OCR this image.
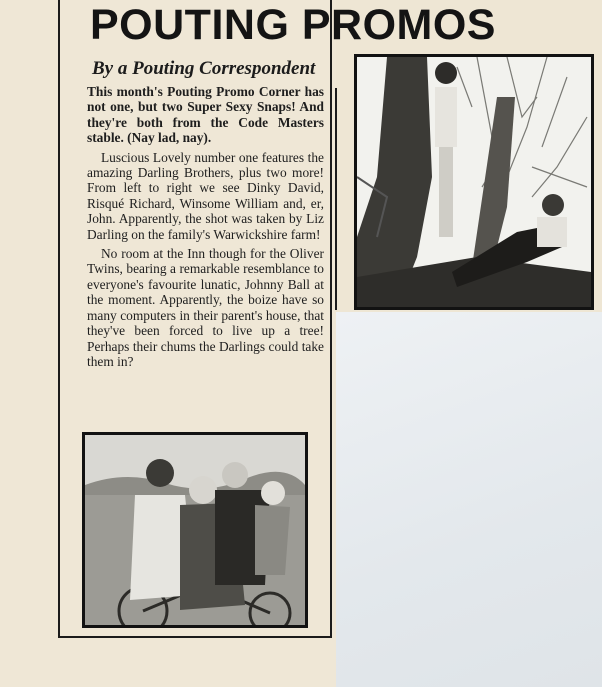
POUTING PROMOS
By a Pouting Correspondent

This month's Pouting Promo Corner has not one, but two Super Sexy Snaps! And they're both from the Code Masters stable. (Nay lad, nay).

Luscious Lovely number one features the amazing Darling Brothers, plus two more! From left to right we see Dinky David, Risqué Richard, Winsome William and, er, John. Apparently, the shot was taken by Liz Darling on the family's Warwickshire farm!

No room at the Inn though for the Oliver Twins, bearing a remarkable resemblance to everyone's favourite lunatic, Johnny Ball at the moment. Apparently, the boize have so many computers in their parent's house, that they've been forced to live up a tree! Perhaps their chums the Darlings could take them in?
